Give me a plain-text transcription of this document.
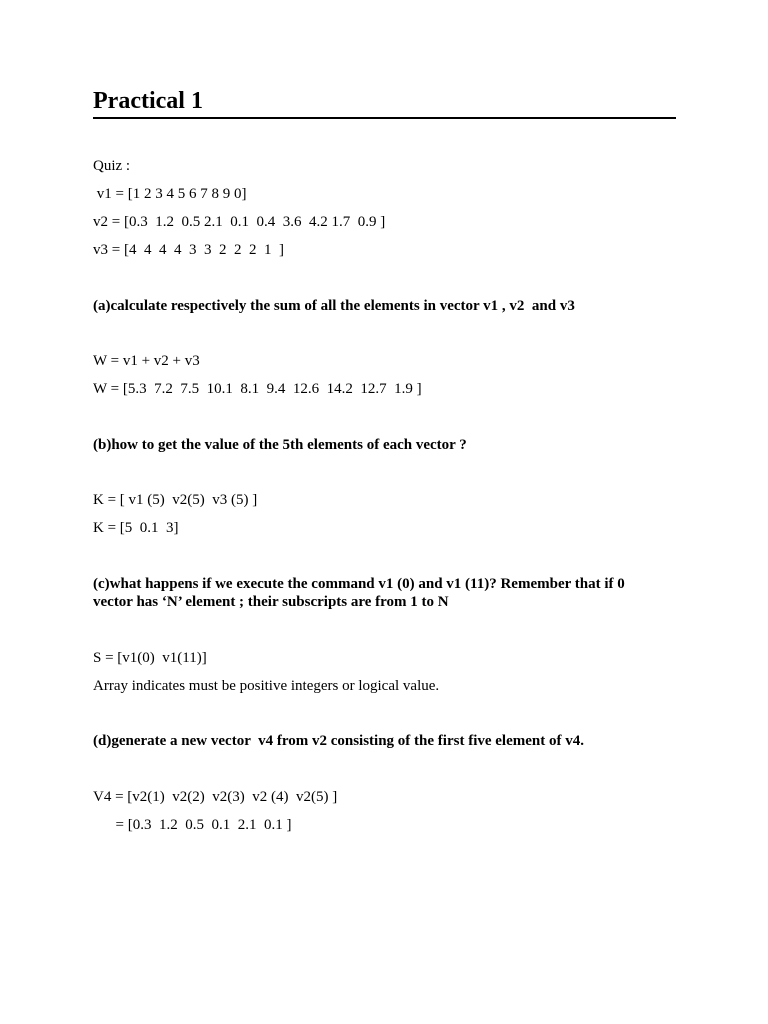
Practical 1
Quiz :
v1 = [1 2 3 4 5 6 7 8 9 0]
v2 = [0.3  1.2  0.5 2.1  0.1  0.4  3.6  4.2 1.7  0.9 ]
v3 = [4  4  4  4  3  3  2  2  2  1  ]
(a)calculate respectively the sum of all the elements in vector v1 , v2  and v3
W = v1 + v2 + v3
W = [5.3  7.2  7.5  10.1  8.1  9.4  12.6  14.2  12.7  1.9 ]
(b)how to get the value of the 5th elements of each vector ?
K = [ v1 (5)  v2(5)  v3 (5) ]
K = [5  0.1  3]
(c)what happens if we execute the command v1 (0) and v1 (11)? Remember that if 0 vector has ‘N’ element ; their subscripts are from 1 to N
S = [v1(0)  v1(11)]
Array indicates must be positive integers or logical value.
(d)generate a new vector  v4 from v2 consisting of the first five element of v4.
V4 = [v2(1)  v2(2)  v2(3)  v2 (4)  v2(5) ]
= [0.3  1.2  0.5  0.1  2.1  0.1 ]
